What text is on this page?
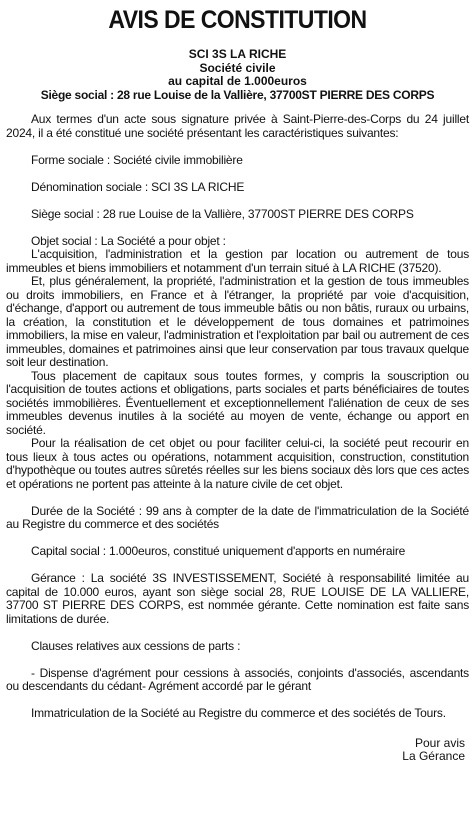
AVIS DE CONSTITUTION
SCI 3S LA RICHE
Société civile
au capital de 1.000euros
Siège social : 28 rue Louise de la Vallière, 37700ST PIERRE DES CORPS

Aux termes d'un acte sous signature privée à Saint-Pierre-des-Corps du 24 juillet 2024, il a été constitué une société présentant les caractéristiques suivantes:

Forme sociale : Société civile immobilière

Dénomination sociale : SCI 3S LA RICHE

Siège social : 28 rue Louise de la Vallière, 37700ST PIERRE DES CORPS

Objet social : La Société a pour objet :

L'acquisition, l'administration et la gestion par location ou autrement de tous immeubles et biens immobiliers et notamment d'un terrain situé à LA RICHE (37520).

Et, plus généralement, la propriété, l'administration et la gestion de tous immeubles ou droits immobiliers, en France et à l'étranger, la propriété par voie d'acquisition, d'échange, d'apport ou autrement de tous immeuble bâtis ou non bâtis, ruraux ou urbains, la création, la constitution et le développement de tous domaines et patrimoines immobiliers, la mise en valeur, l'administration et l'exploitation par bail ou autrement de ces immeubles, domaines et patrimoines ainsi que leur conservation par tous travaux quelque soit leur destination.

Tous placement de capitaux sous toutes formes, y compris la souscription ou l'acquisition de toutes actions et obligations, parts sociales et parts bénéficiaires de toutes sociétés immobilières. Éventuellement et exceptionnellement l'aliénation de ceux de ses immeubles devenus inutiles à la société au moyen de vente, échange ou apport en société.

Pour la réalisation de cet objet ou pour faciliter celui-ci, la société peut recourir en tous lieux à tous actes ou opérations, notamment acquisition, construction, constitution d'hypothèque ou toutes autres sûretés réelles sur les biens sociaux dès lors que ces actes et opérations ne portent pas atteinte à la nature civile de cet objet.

Durée de la Société : 99 ans à compter de la date de l'immatriculation de la Société au Registre du commerce et des sociétés

Capital social : 1.000euros, constitué uniquement d'apports en numéraire

Gérance : La société 3S INVESTISSEMENT, Société à responsabilité limitée au capital de 10.000 euros, ayant son siège social 28, RUE LOUISE DE LA VALLIERE, 37700 ST PIERRE DES CORPS, est nommée gérante. Cette nomination est faite sans limitations de durée.

Clauses relatives aux cessions de parts :

- Dispense d'agrément pour cessions à associés, conjoints d'associés, ascendants ou descendants du cédant- Agrément accordé par le gérant

Immatriculation de la Société au Registre du commerce et des sociétés de Tours.

Pour avis
La Gérance
